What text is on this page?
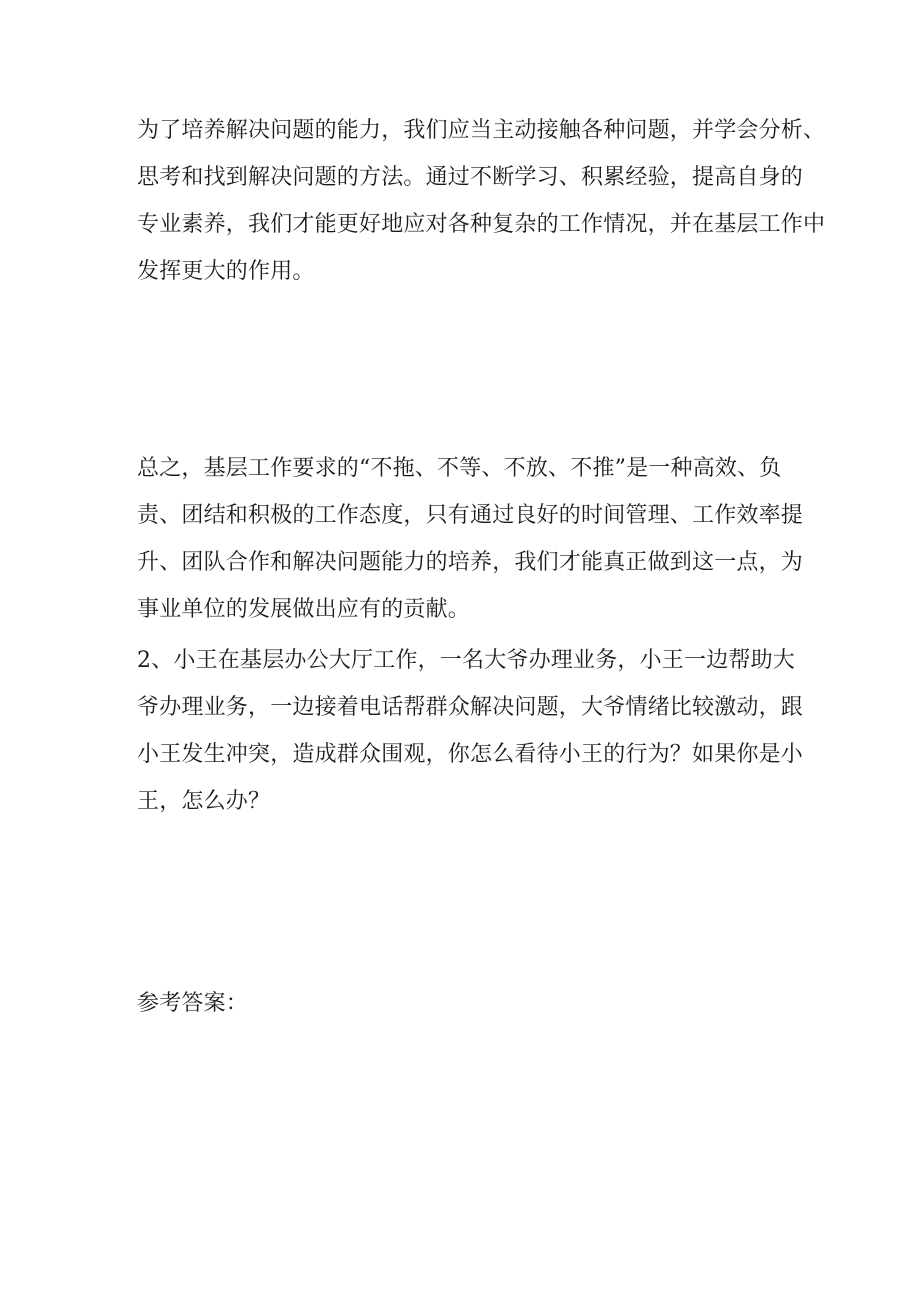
为了培养解决问题的能力，我们应当主动接触各种问题，并学会分析、
思考和找到解决问题的方法。通过不断学习、积累经验，提高自身的
专业素养，我们才能更好地应对各种复杂的工作情况，并在基层工作中
发挥更大的作用。
总之，基层工作要求的“不拖、不等、不放、不推”是一种高效、负
责、团结和积极的工作态度，只有通过良好的时间管理、工作效率提
升、团队合作和解决问题能力的培养，我们才能真正做到这一点，为
事业单位的发展做出应有的贡献。
2、小王在基层办公大厅工作，一名大爷办理业务，小王一边帮助大
爷办理业务，一边接着电话帮群众解决问题，大爷情绪比较激动，跟
小王发生冲突，造成群众围观，你怎么看待小王的行为？如果你是小
王，怎么办？
参考答案：
